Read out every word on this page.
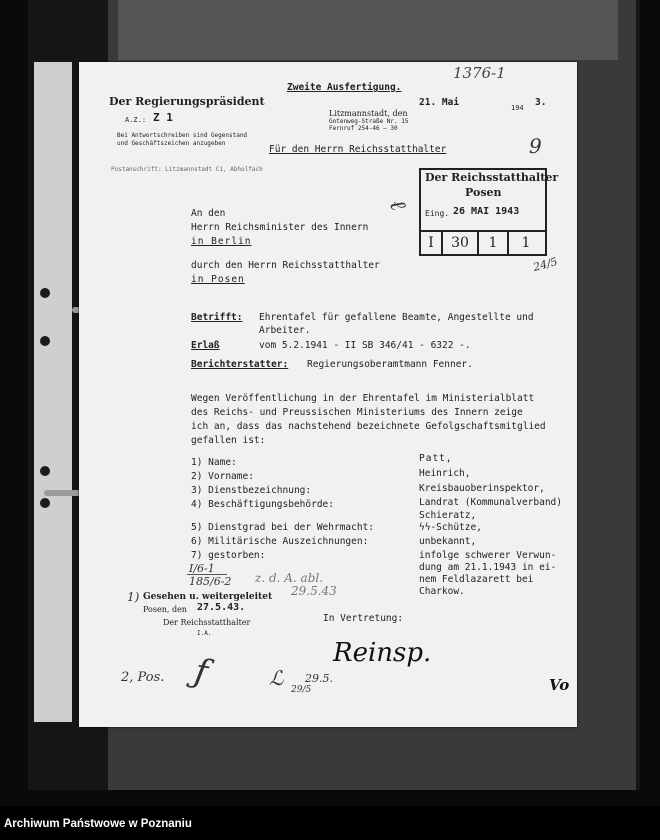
Zweite Ausfertigung.
1376-1
Der Regierungspräsident
A.Z.: Z 1
Bei Antwortschreiben sind Gegenstand
und Geschäftszeichen anzugeben
Postanschrift: Litzmannstadt C1, Abholfach
Litzmannstadt, den
Gotenweg-Straße Nr. 15
Fernruf 254-46 — 30
21. Mai	194 3.
Für den Herrn Reichsstatthalter	9
Der Reichsstatthalter
Posen
Eing. 26 MAI 1943
I	30	1	1
ℓ
24/5
An den
Herrn Reichsminister des Innern
in Berlin
durch den Herrn Reichsstatthalter
in Posen
Betrifft: Ehrentafel für gefallene Beamte, Angestellte und
Arbeiter.
Erlaß	vom 5.2.1941 - II SB 346/41 - 6322 -.
Berichterstatter: Regierungsoberamtmann Fenner.
Wegen Veröffentlichung in der Ehrentafel im Ministerialblatt
des Reichs- und Preussischen Ministeriums des Innern zeige
ich an, dass das nachstehend bezeichnete Gefolgschaftsmitglied
gefallen ist:
1) Name:	Patt,
2) Vorname:	Heinrich,
3) Dienstbezeichnung:	Kreisbauoberinspektor,
4) Beschäftigungsbehörde:	Landrat (Kommunalverband)
Schieratz,
5) Dienstgrad bei der Wehrmacht:	ϟϟ-Schütze,
6) Militärische Auszeichnungen:	unbekannt,
7) gestorben:	infolge schwerer Verwun-
dung am 21.1.1943 in ei-
nem Feldlazarett bei
Charkow.
I/6-1
185/6-2 z. d. A. abl.
29.5.43
1) Gesehen u. weitergeleitet
Posen, den 27.5.43.
Der Reichsstatthalter
I.A.
In Vertretung:
Reinsp.
2, Pos. ƒ	ℒ 29.5.
29/5	Vo
Archiwum Państwowe w Poznaniu
